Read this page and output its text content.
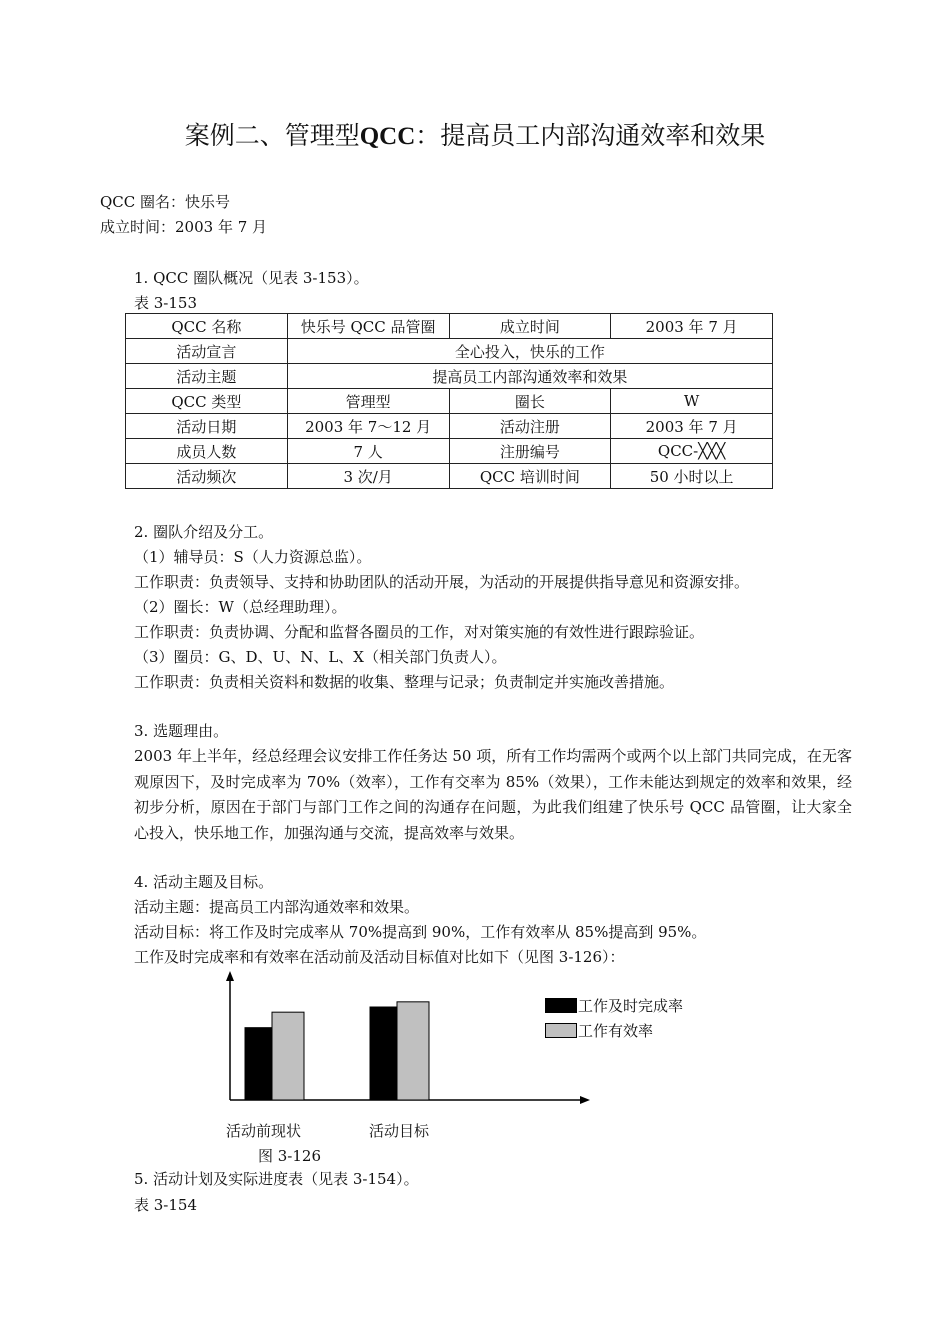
案例二、管理型QCC：提高员工内部沟通效率和效果
QCC 圈名：快乐号
成立时间：2003 年 7 月
1. QCC 圈队概况（见表 3-153）。
表 3-153
QCC 名称	快乐号 QCC 品管圈	成立时间	2003 年 7 月
活动宣言	全心投入，快乐的工作		
活动主题	提高员工内部沟通效率和效果		
QCC 类型	管理型	圈长	W
活动日期	2003 年 7～12 月	活动注册	2003 年 7 月
成员人数	7 人	注册编号	QCC-╳╳╳
活动频次	3 次/月	QCC 培训时间	50 小时以上
2. 圈队介绍及分工。
（1）辅导员：S（人力资源总监）。
工作职责：负责领导、支持和协助团队的活动开展，为活动的开展提供指导意见和资源安排。
（2）圈长：W（总经理助理）。
工作职责：负责协调、分配和监督各圈员的工作，对对策实施的有效性进行跟踪验证。
（3）圈员：G、D、U、N、L、X（相关部门负责人）。
工作职责：负责相关资料和数据的收集、整理与记录；负责制定并实施改善措施。
3. 选题理由。
2003 年上半年，经总经理会议安排工作任务达 50 项，所有工作均需两个或两个以上部门共同完成，在无客观原因下，及时完成率为 70%（效率），工作有交率为 85%（效果），工作未能达到规定的效率和效果，经初步分析，原因在于部门与部门工作之间的沟通存在问题，为此我们组建了快乐号 QCC 品管圈，让大家全心投入，快乐地工作，加强沟通与交流，提高效率与效果。
4. 活动主题及目标。
活动主题：提高员工内部沟通效率和效果。
活动目标：将工作及时完成率从 70%提高到 90%，工作有效率从 85%提高到 95%。
工作及时完成率和有效率在活动前及活动目标值对比如下（见图 3-126）：
工作及时完成率
工作有效率
活动前现状	活动目标
图 3-126
5. 活动计划及实际进度表（见表 3-154）。
表 3-154
